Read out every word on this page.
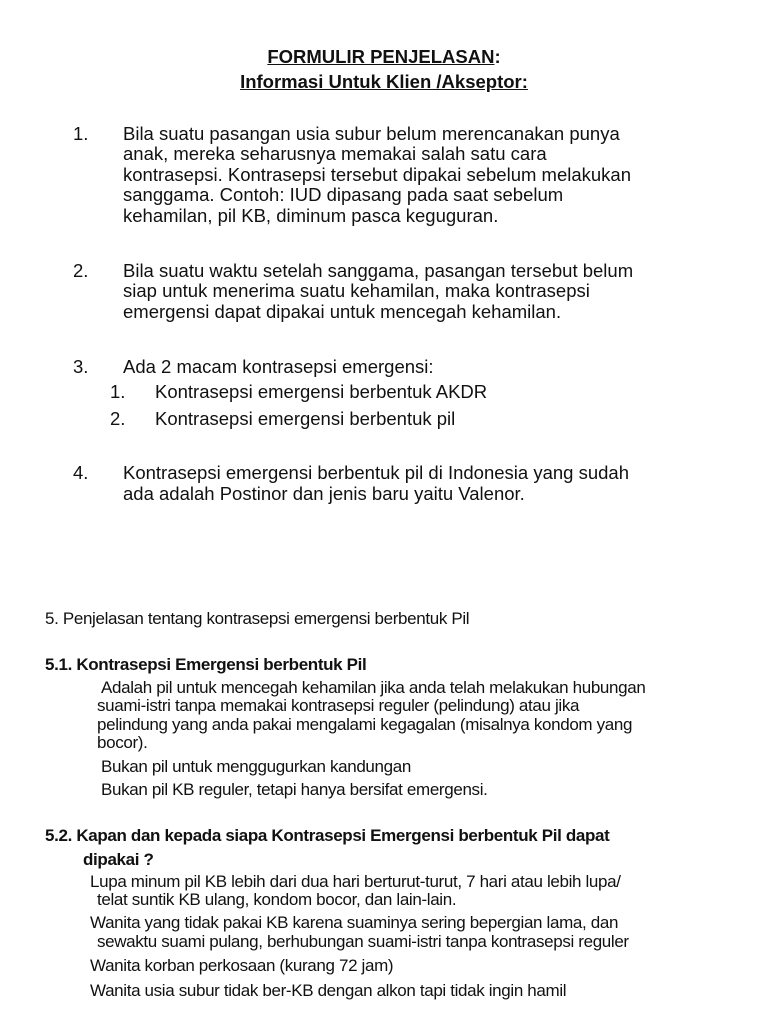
FORMULIR PENJELASAN:
Informasi Untuk Klien /Akseptor:
1. Bila suatu pasangan usia subur belum merencanakan punya
anak, mereka seharusnya memakai salah satu cara
kontrasepsi. Kontrasepsi tersebut dipakai sebelum melakukan
sanggama. Contoh: IUD dipasang pada saat sebelum
kehamilan, pil KB, diminum pasca keguguran.
2. Bila suatu waktu setelah sanggama, pasangan tersebut belum
siap untuk menerima suatu kehamilan, maka kontrasepsi
emergensi dapat dipakai untuk mencegah kehamilan.
3. Ada 2 macam kontrasepsi emergensi:
1. Kontrasepsi emergensi berbentuk AKDR
2. Kontrasepsi emergensi berbentuk pil
4. Kontrasepsi emergensi berbentuk pil di Indonesia yang sudah
ada adalah Postinor dan jenis baru yaitu Valenor.
5. Penjelasan tentang kontrasepsi emergensi berbentuk Pil
5.1. Kontrasepsi Emergensi berbentuk Pil
Adalah pil untuk mencegah kehamilan jika anda telah melakukan hubungan
suami-istri tanpa memakai kontrasepsi reguler (pelindung) atau jika
pelindung yang anda pakai mengalami kegagalan (misalnya kondom yang
bocor).
Bukan pil untuk menggugurkan kandungan
Bukan pil KB reguler, tetapi hanya bersifat emergensi.
5.2. Kapan dan kepada siapa Kontrasepsi Emergensi berbentuk Pil dapat
dipakai ?
Lupa minum pil KB lebih dari dua hari berturut-turut, 7 hari atau lebih lupa/
telat suntik KB ulang, kondom bocor, dan lain-lain.
Wanita yang tidak pakai KB karena suaminya sering bepergian lama, dan
sewaktu suami pulang, berhubungan suami-istri tanpa kontrasepsi reguler
Wanita korban perkosaan (kurang 72 jam)
Wanita usia subur tidak ber-KB dengan alkon tapi tidak ingin hamil
